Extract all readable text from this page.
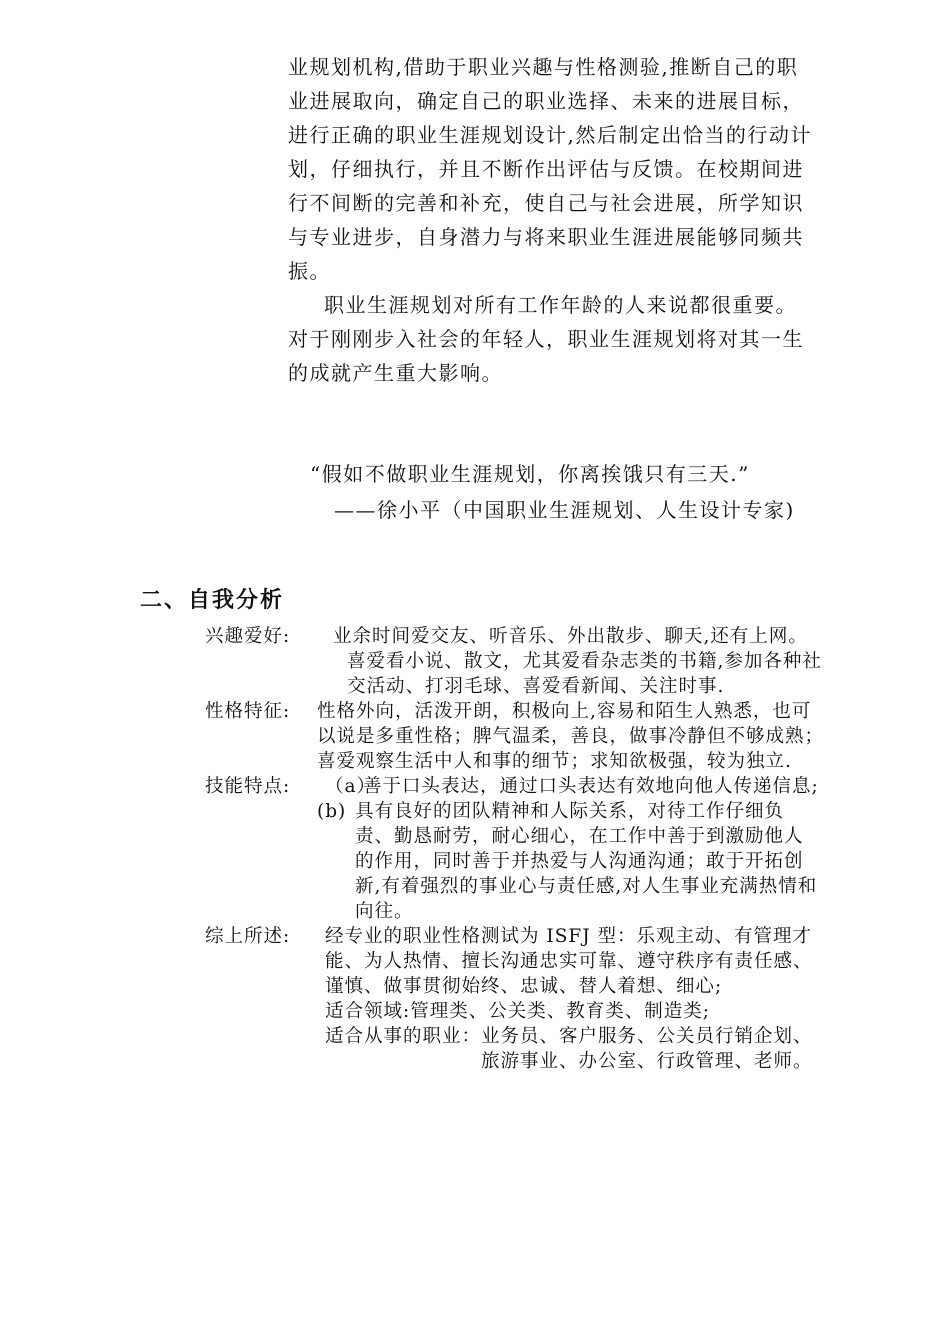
业规划机构,借助于职业兴趣与性格测验,推断自己的职业进展取向，确定自己的职业选择、未来的进展目标，进行正确的职业生涯规划设计,然后制定出恰当的行动计划，仔细执行，并且不断作出评估与反馈。在校期间进行不间断的完善和补充，使自己与社会进展，所学知识与专业进步，自身潜力与将来职业生涯进展能够同频共振。

职业生涯规划对所有工作年龄的人来说都很重要。对于刚刚步入社会的年轻人，职业生涯规划将对其一生的成就产生重大影响。

“假如不做职业生涯规划，你离挨饿只有三天.”
——徐小平（中国职业生涯规划、人生设计专家)
二、自我分析
兴趣爱好:	业余时间爱交友、听音乐、外出散步、聊天,还有上网。喜爱看小说、散文，尤其爱看杂志类的书籍,参加各种社交活动、打羽毛球、喜爱看新闻、关注时事.
性格特征:	性格外向，活泼开朗，积极向上,容易和陌生人熟悉，也可以说是多重性格；脾气温柔，善良，做事冷静但不够成熟；喜爱观察生活中人和事的细节；求知欲极强，较为独立.
技能特点:	（a）
善于口头表达，通过口头表达有效地向他人传递信息;
(b) 具有良好的团队精神和人际关系，对待工作仔细负责、勤恳耐劳，耐心细心，在工作中善于到激励他人的作用，同时善于并热爱与人沟通沟通；敢于开拓创新,有着强烈的事业心与责任感,对人生事业充满热情和向往。
综上所述:	经专业的职业性格测试为 ISFJ 型：乐观主动、有管理才能、为人热情、擅长沟通忠实可靠、遵守秩序有责任感、谨慎、做事贯彻始终、忠诚、替人着想、细心;

适合领域:管理类、公关类、教育类、制造类;

适合从事的职业： 业务员、客户服务、公关员行销企划、旅游事业、办公室、行政管理、老师。
